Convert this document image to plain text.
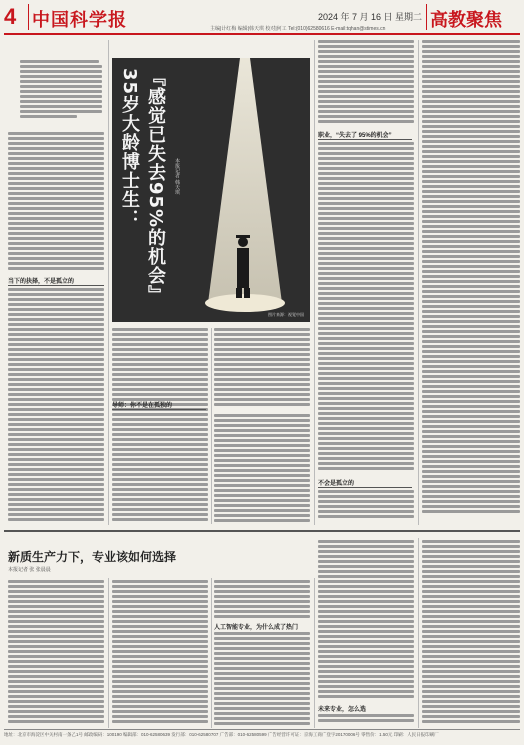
4 中国科学报	2024 年 7 月 16 日 星期二 高教聚焦
主编|计红梅 编辑|韩天琪 校对|何工 Tel:(010)62580616 E-mail:tqhan@stimes.cn
当下的抉择，不是孤立的	『感觉已失去95%的机会』
35岁大龄博士生：	本报记者 韩天琪
图片来源：视觉中国
导师：你不是在孤独的
职业，“失去了 95%的机会”
不会是孤立的
新质生产力下，专业该如何选择
本报记者 张 张晨晨
人工智能专业，为什么成了热门
未来专业，怎么选
地址：北京市海淀区中关村南一条乙1号 邮政编码：100190 编辑部：010-62580639 发行部：010-62580707 广告部：010-62580599 广告经营许可证：京海工商广登字20170006号 零售价：1.50元 印刷：人民日报印刷厂
